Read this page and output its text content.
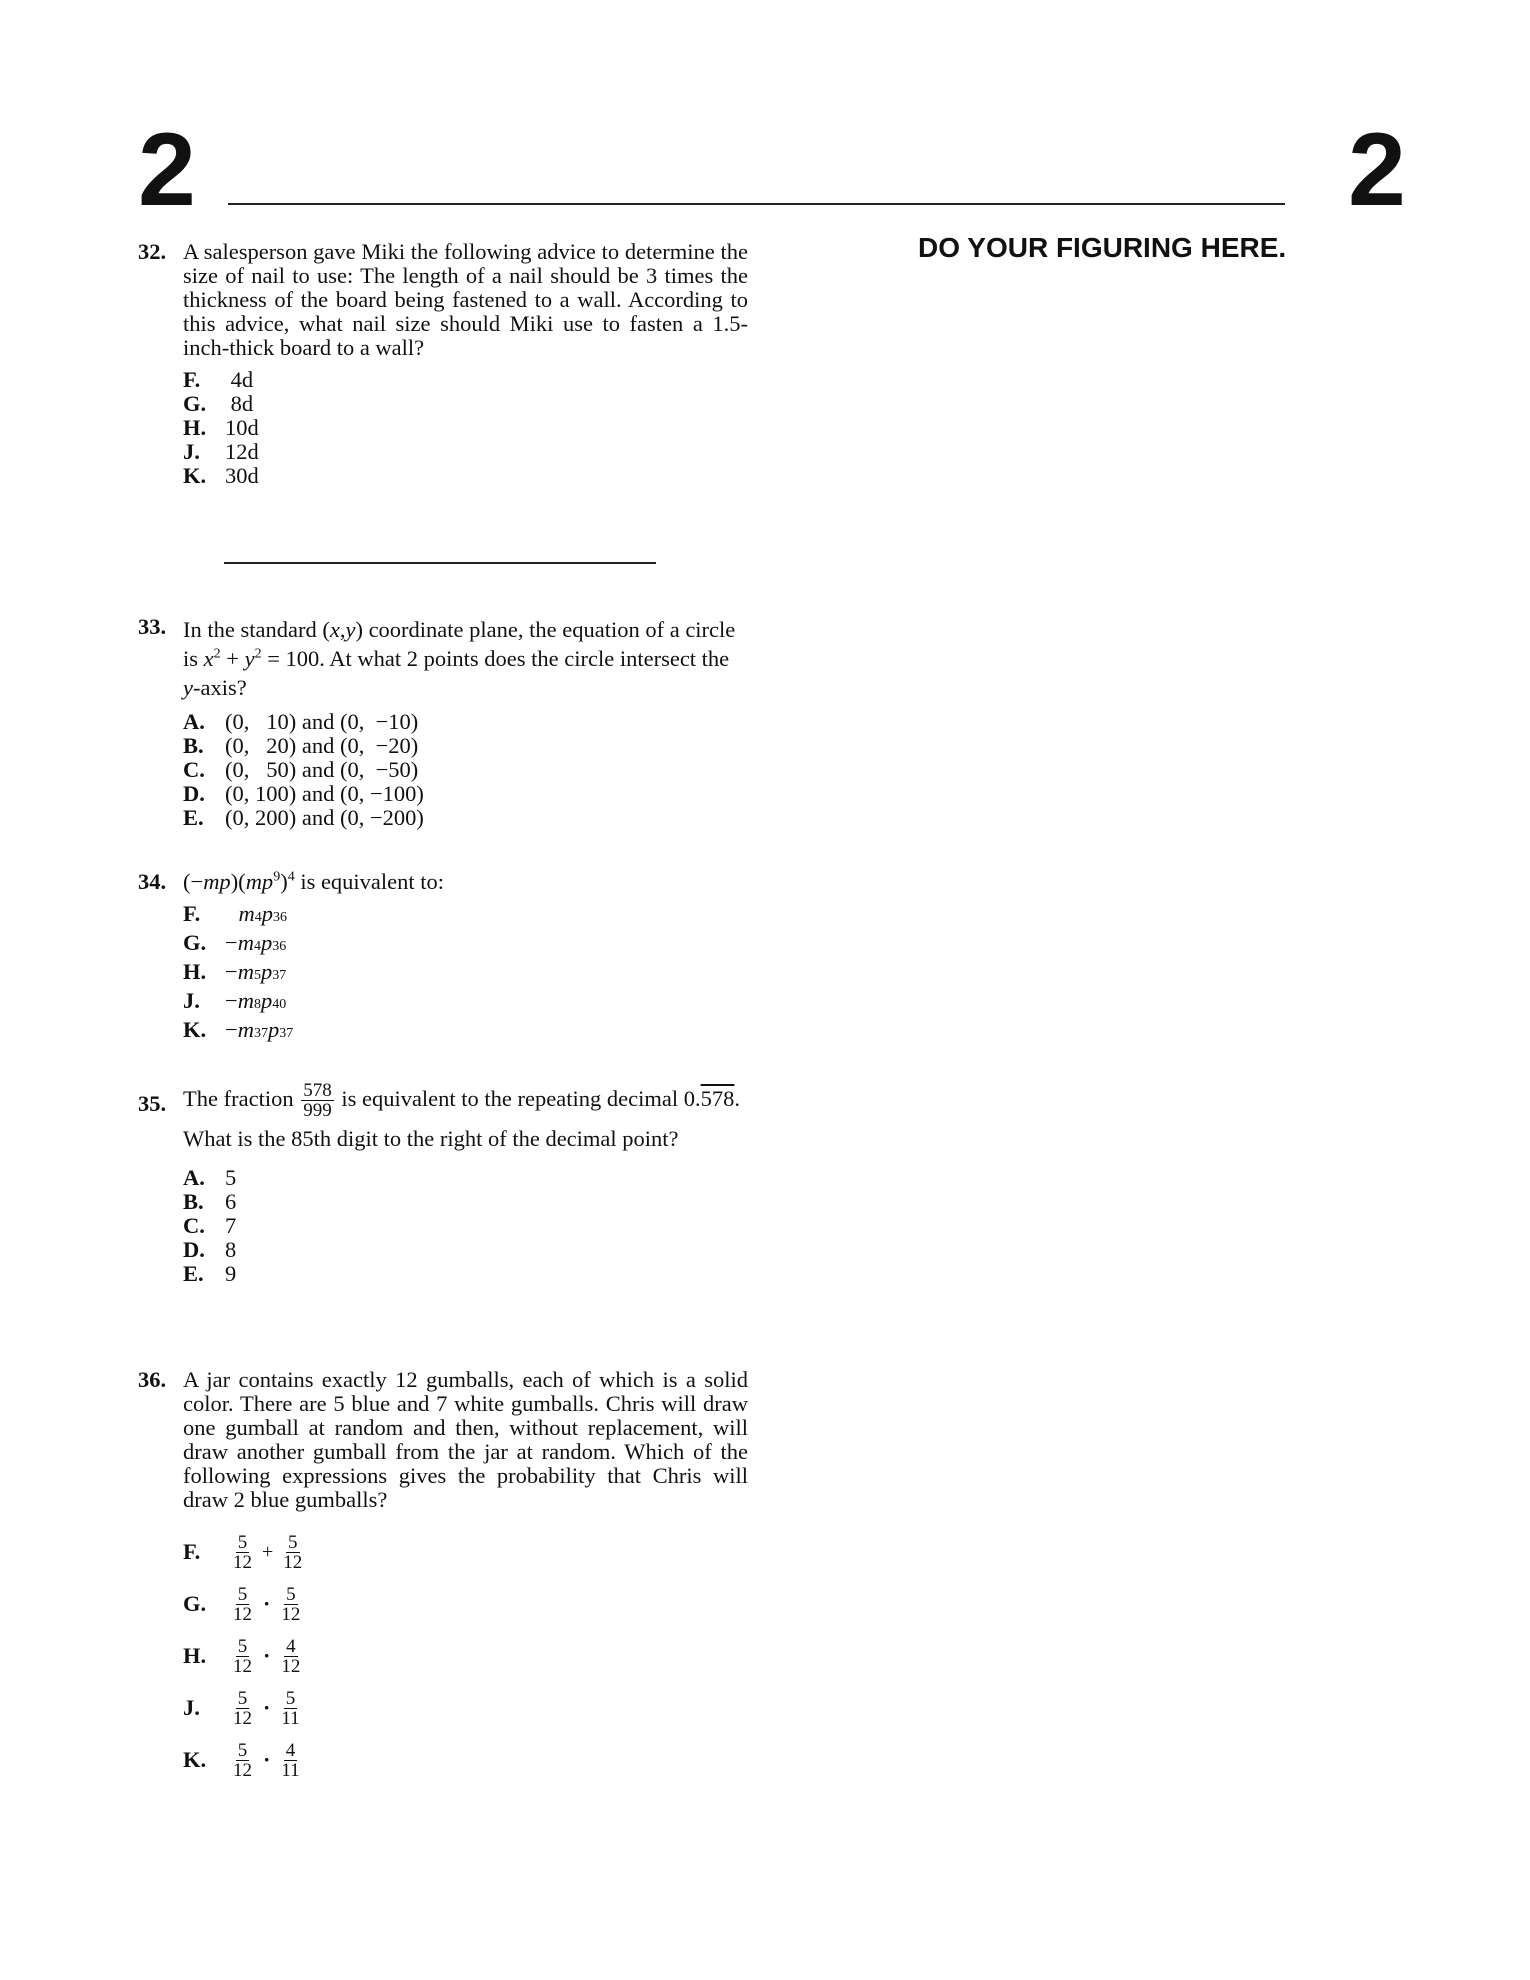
2	2
DO YOUR FIGURING HERE.
32. A salesperson gave Miki the following advice to determine the size of nail to use: The length of a nail should be 3 times the thickness of the board being fastened to a wall. According to this advice, what nail size should Miki use to fasten a 1.5-inch-thick board to a wall?
F.	4d
G. 8d
H. 10d
J.	12d
K. 30d
33. In the standard (x,y) coordinate plane, the equation of a circle is $x^2 + y^2 = 100$. At what 2 points does the circle intersect the y-axis?
A. (0,   10) and (0,  −10)
B. (0,   20) and (0,  −20)
C. (0,   50) and (0,  −50)
D. (0, 100) and (0, −100)
E. (0, 200) and (0, −200)
34. $(-mp)(mp^9)^4$ is equivalent to:
F.
   	m 4 p 36
G. − m 4 p 36
H. − m 5 p 37
J.	− m 8 p 40
K. − m 37 p 37
35. The fraction $\frac{578}{999}$ is equivalent to the repeating decimal 0.578. What is the 85th digit to the right of the decimal point?
A. 5
B. 6
C. 7
D. 8
E. 9
36. A jar contains exactly 12 gumballs, each of which is a solid color. There are 5 blue and 7 white gumballs. Chris will draw one gumball at random and then, without replacement, will draw another gumball from the jar at random. Which of the following expressions gives the probability that Chris will draw 2 blue gumballs?
F.	$\frac{5}{12} + \frac{5}{12}$
G.	$\frac{5}{12} \cdot \frac{5}{12}$
H.	$\frac{5}{12} \cdot \frac{4}{12}$
J.	$\frac{5}{12} \cdot \frac{5}{11}$
K.	$\frac{5}{12} \cdot \frac{4}{11}$
